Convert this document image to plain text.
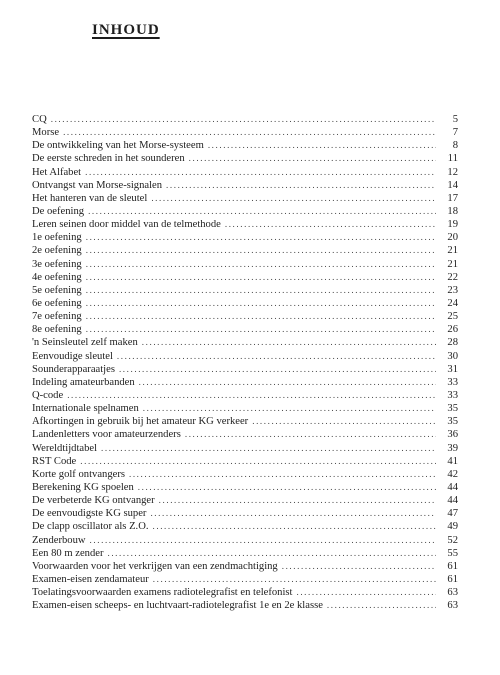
INHOUD
CQ .....	5
Morse .....	7
De ontwikkeling van het Morse-systeem .....	8
De eerste schreden in het sounderen .....	11
Het Alfabet .....	12
Ontvangst van Morse-signalen .....	14
Het hanteren van de sleutel .....	17
De oefening .....	18
Leren seinen door middel van de telmethode .....	19
1e oefening .....	20
2e oefening .....	21
3e oefening .....	21
4e oefening .....	22
5e oefening .....	23
6e oefening .....	24
7e oefening .....	25
8e oefening .....	26
'n Seinsleutel zelf maken .....	28
Eenvoudige sleutel .....	30
Sounderapparaatjes .....	31
Indeling amateurbanden .....	33
Q-code .....	33
Internationale spelnamen .....	35
Afkortingen in gebruik bij het amateur KG verkeer .....	35
Landenletters voor amateurzenders .....	36
Wereldtijdtabel .....	39
RST Code .....	41
Korte golf ontvangers .....	42
Berekening KG spoelen .....	44
De verbeterde KG ontvanger .....	44
De eenvoudigste KG super .....	47
De clapp oscillator als Z.O. .....	49
Zenderbouw .....	52
Een 80 m zender .....	55
Voorwaarden voor het verkrijgen van een zendmachtiging .....	61
Examen-eisen zendamateur .....	61
Toelatingsvoorwaarden examens radiotelegrafist en telefonist .....	63
Examen-eisen scheeps- en luchtvaart-radiotelegrafist 1e en 2e klasse .....	63
